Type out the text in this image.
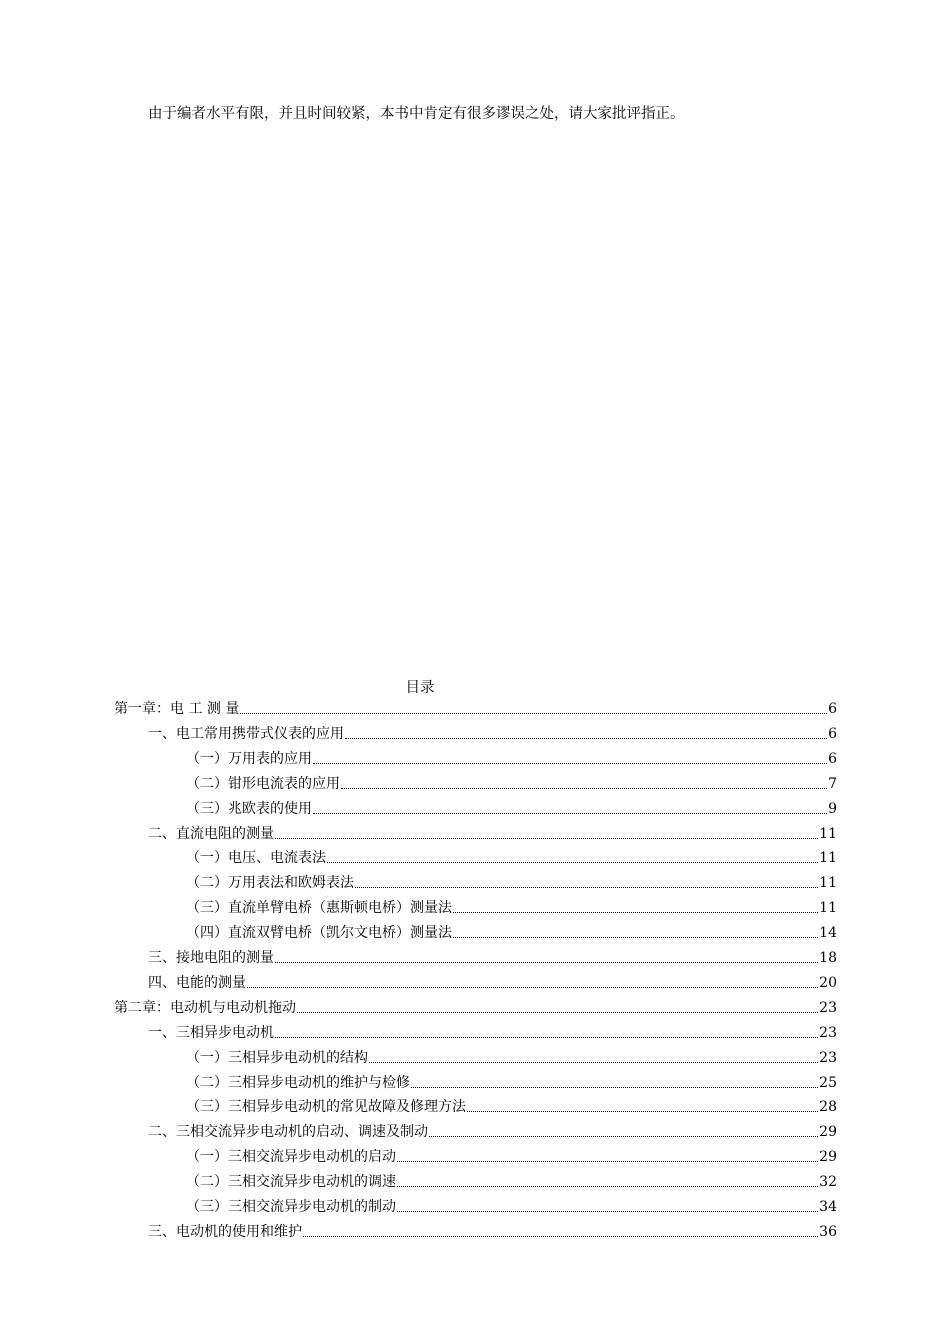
由于编者水平有限，并且时间较紧，本书中肯定有很多谬误之处，请大家批评指正。
目录
第一章：电 工 测 量	6
一、电工常用携带式仪表的应用	6
（一）万用表的应用	6
（二）钳形电流表的应用	7
（三）兆欧表的使用	9
二、直流电阻的测量	11
（一）电压、电流表法	11
（二）万用表法和欧姆表法	11
（三）直流单臂电桥（惠斯顿电桥）测量法	11
（四）直流双臂电桥（凯尔文电桥）测量法	14
三、接地电阻的测量	18
四、电能的测量	20
第二章：电动机与电动机拖动	23
一、三相异步电动机	23
（一）三相异步电动机的结构	23
（二）三相异步电动机的维护与检修	25
（三）三相异步电动机的常见故障及修理方法	28
二、三相交流异步电动机的启动、调速及制动	29
（一）三相交流异步电动机的启动	29
（二）三相交流异步电动机的调速	32
（三）三相交流异步电动机的制动	34
三、电动机的使用和维护	36
